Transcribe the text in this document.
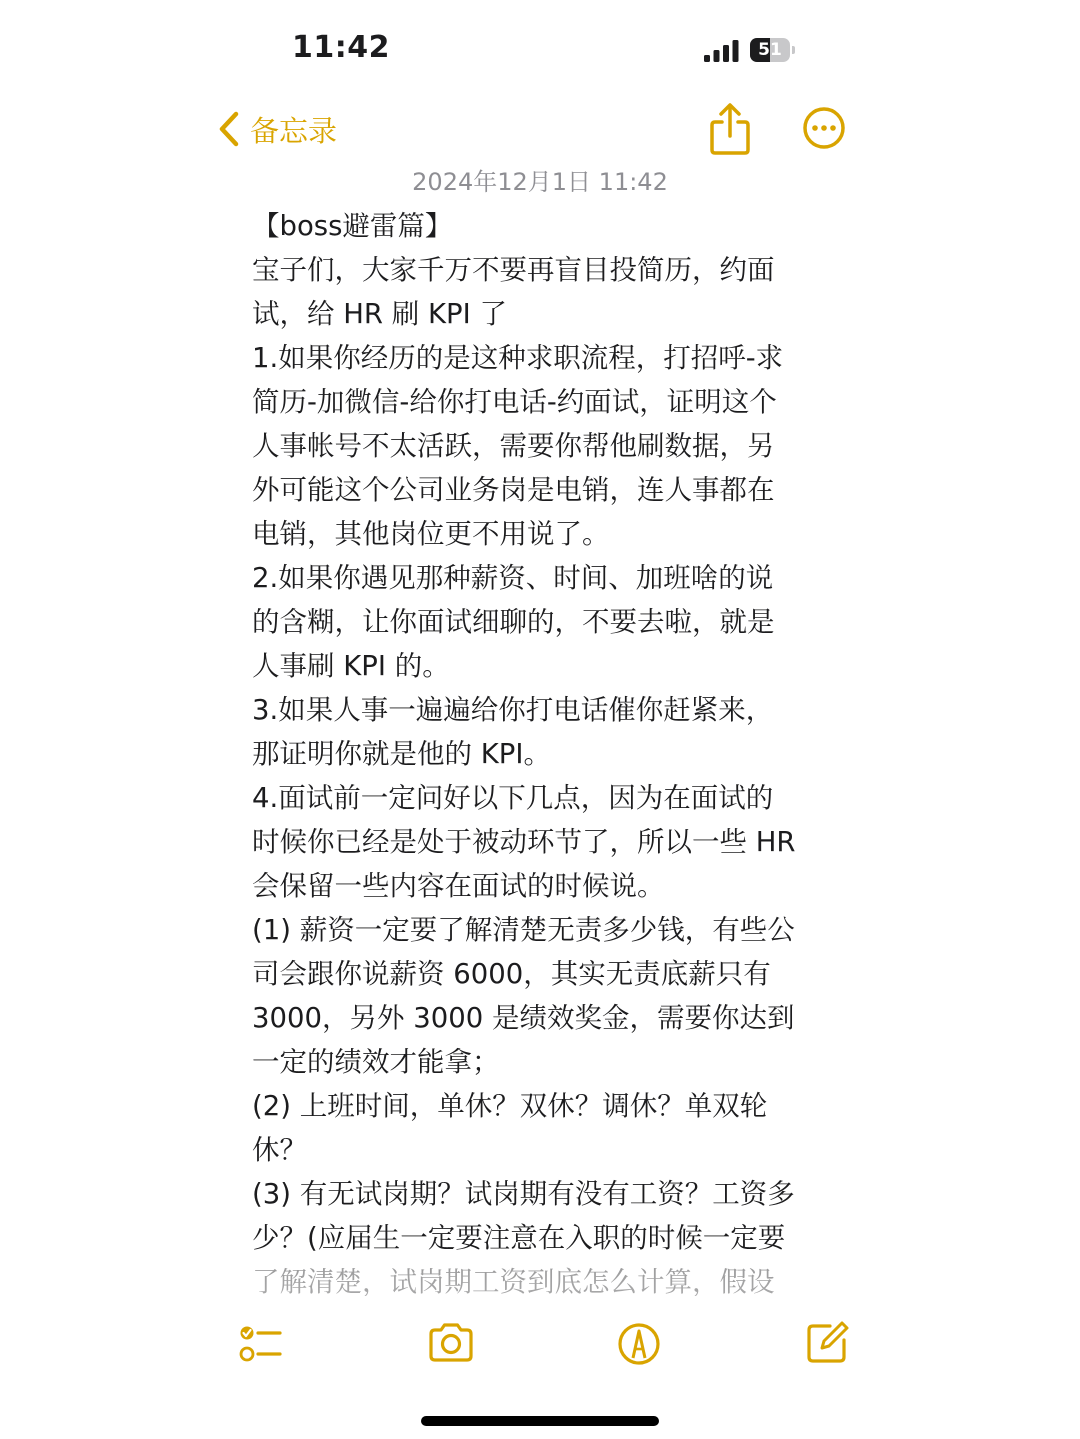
11:42	51
备忘录
2024年12月1日 11:42
【boss避雷篇】
宝子们，大家千万不要再盲目投简历，约面
试，给 HR 刷 KPI 了
1.如果你经历的是这种求职流程，打招呼-求
简历-加微信-给你打电话-约面试，证明这个
人事帐号不太活跃，需要你帮他刷数据，另
外可能这个公司业务岗是电销，连人事都在
电销，其他岗位更不用说了。
2.如果你遇见那种薪资、时间、加班啥的说
的含糊，让你面试细聊的，不要去啦，就是
人事刷 KPI 的。
3.如果人事一遍遍给你打电话催你赶紧来，
那证明你就是他的 KPI。
4.面试前一定问好以下几点，因为在面试的
时候你已经是处于被动环节了，所以一些 HR
会保留一些内容在面试的时候说。
(1) 薪资一定要了解清楚无责多少钱，有些公
司会跟你说薪资 6000，其实无责底薪只有
3000，另外 3000 是绩效奖金，需要你达到
一定的绩效才能拿；
(2) 上班时间，单休？双休？调休？单双轮
休？
(3) 有无试岗期？试岗期有没有工资？工资多
少？(应届生一定要注意在入职的时候一定要
